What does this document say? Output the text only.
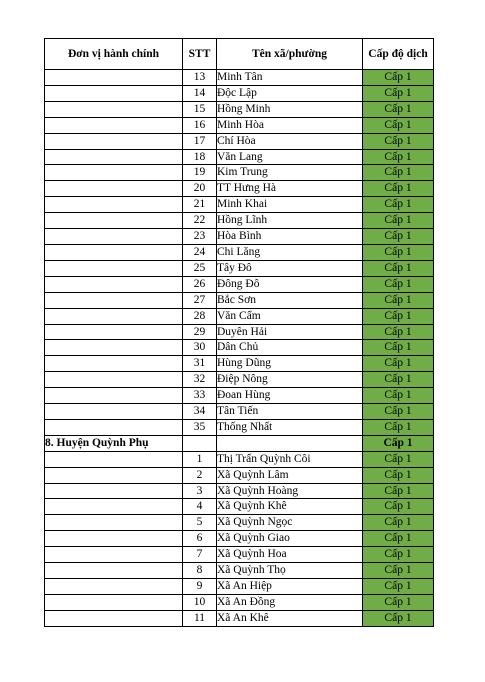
Đơn vị hành chính	STT	Tên xã/phường	Cấp độ dịch
	13	Minh Tân	Cấp 1
	14	Độc Lập	Cấp 1
	15	Hồng Minh	Cấp 1
	16	Minh Hòa	Cấp 1
	17	Chí Hòa	Cấp 1
	18	Văn Lang	Cấp 1
	19	Kim Trung	Cấp 1
	20	TT Hưng Hà	Cấp 1
	21	Minh Khai	Cấp 1
	22	Hồng Lĩnh	Cấp 1
	23	Hòa Bình	Cấp 1
	24	Chi Lăng	Cấp 1
	25	Tây Đô	Cấp 1
	26	Đông Đô	Cấp 1
	27	Bắc Sơn	Cấp 1
	28	Văn Cẩm	Cấp 1
	29	Duyên Hải	Cấp 1
	30	Dân Chủ	Cấp 1
	31	Hùng Dũng	Cấp 1
	32	Điệp Nông	Cấp 1
	33	Đoan Hùng	Cấp 1
	34	Tân Tiến	Cấp 1
	35	Thống Nhất	Cấp 1
8. Huyện Quỳnh Phụ			Cấp 1
	1	Thị Trấn Quỳnh Côi	Cấp 1
	2	Xã Quỳnh Lâm	Cấp 1
	3	Xã Quỳnh Hoàng	Cấp 1
	4	Xã Quỳnh Khê	Cấp 1
	5	Xã Quỳnh Ngọc	Cấp 1
	6	Xã Quỳnh Giao	Cấp 1
	7	Xã Quỳnh Hoa	Cấp 1
	8	Xã Quỳnh Thọ	Cấp 1
	9	Xã An Hiệp	Cấp 1
	10	Xã An Đồng	Cấp 1
	11	Xã An Khê	Cấp 1
